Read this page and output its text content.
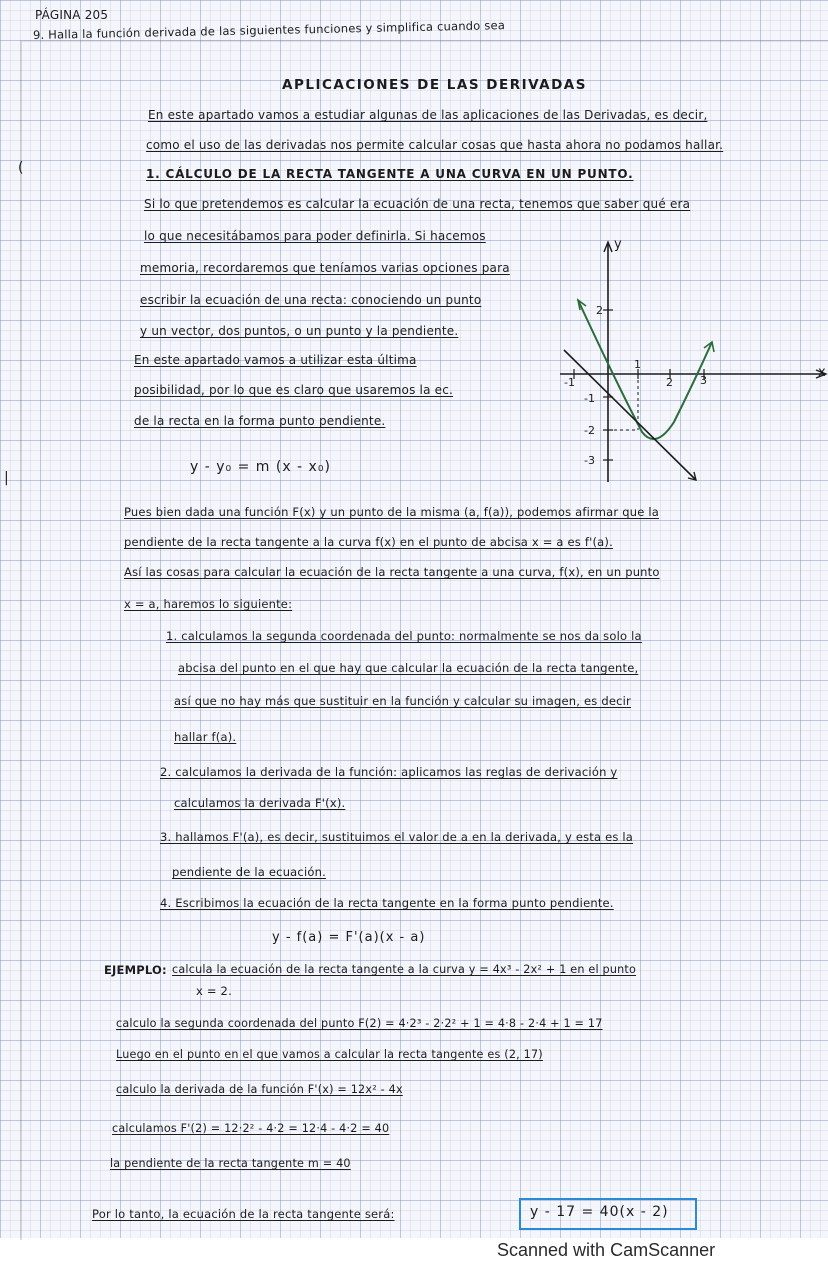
PÁGINA 205
9. Halla la función derivada de las siguientes funciones y simplifica cuando sea
(
|
APLICACIONES DE LAS DERIVADAS
En este apartado vamos a estudiar algunas de las aplicaciones de las Derivadas, es decir,
como el uso de las derivadas nos permite calcular cosas que hasta ahora no podamos hallar.
1. CÁLCULO DE LA RECTA TANGENTE A UNA CURVA EN UN PUNTO.
Si lo que pretendemos es calcular la ecuación de una recta, tenemos que saber qué era
lo que necesitábamos para poder definirla. Si hacemos
memoria, recordaremos que teníamos varias opciones para
escribir la ecuación de una recta: conociendo un punto
y un vector, dos puntos, o un punto y la pendiente.
En este apartado vamos a utilizar esta última
posibilidad, por lo que es claro que usaremos la ec.
de la recta en la forma punto pendiente.
y - y₀ = m (x - x₀)
y
x
-1
1
2 3
2
-1
-2
-3
Pues bien dada una función F(x) y un punto de la misma (a, f(a)), podemos afirmar que la
pendiente de la recta tangente a la curva f(x) en el punto de abcisa x = a es f'(a).
Así las cosas para calcular la ecuación de la recta tangente a una curva, f(x), en un punto
x = a, haremos lo siguiente:
1. calculamos la segunda coordenada del punto: normalmente se nos da solo la
abcisa del punto en el que hay que calcular la ecuación de la recta tangente,
así que no hay más que sustituir en la función y calcular su imagen, es decir
hallar f(a).
2. calculamos la derivada de la función: aplicamos las reglas de derivación y
calculamos la derivada F'(x).
3. hallamos F'(a), es decir, sustituimos el valor de a en la derivada, y esta es la
pendiente de la ecuación.
4. Escribimos la ecuación de la recta tangente en la forma punto pendiente.
y - f(a) = F'(a)(x - a)
EJEMPLO: calcula la ecuación de la recta tangente a la curva y = 4x³ - 2x² + 1 en el punto
x = 2.
calculo la segunda coordenada del punto F(2) = 4·2³ - 2·2² + 1 = 4·8 - 2·4 + 1 = 17
Luego en el punto en el que vamos a calcular la recta tangente es (2, 17)
calculo la derivada de la función F'(x) = 12x² - 4x
calculamos F'(2) = 12·2² - 4·2 = 12·4 - 4·2 = 40
la pendiente de la recta tangente m = 40
Por lo tanto, la ecuación de la recta tangente será:	y - 17 = 40(x - 2)
Scanned with CamScanner
